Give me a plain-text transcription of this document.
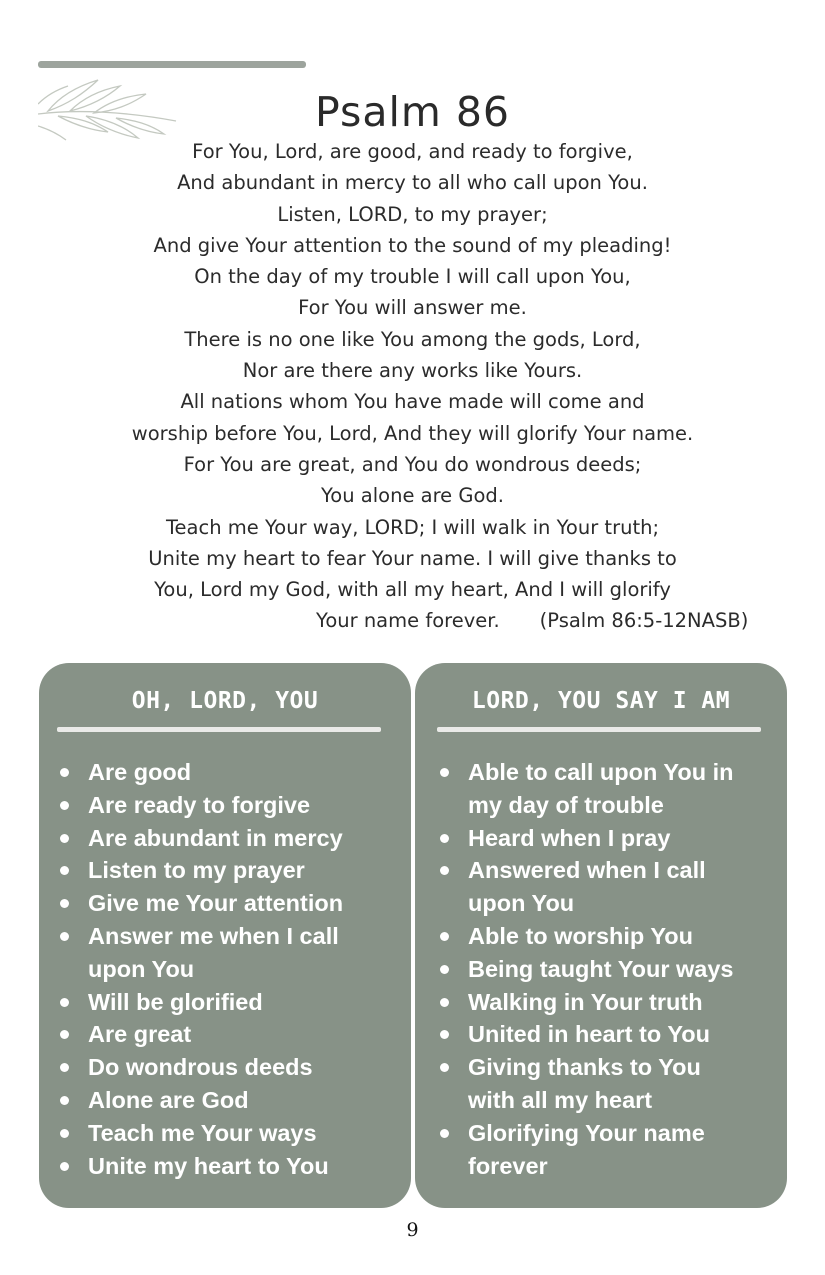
Psalm 86
For You, Lord, are good, and ready to forgive,
And abundant in mercy to all who call upon You.
Listen, LORD, to my prayer;
And give Your attention to the sound of my pleading!
On the day of my trouble I will call upon You,
For You will answer me.
There is no one like You among the gods, Lord,
Nor are there any works like Yours.
All nations whom You have made will come and
worship before You, Lord, And they will glorify Your name.
For You are great, and You do wondrous deeds;
You alone are God.
Teach me Your way, LORD; I will walk in Your truth;
Unite my heart to fear Your name. I will give thanks to
You, Lord my God, with all my heart, And I will glorify
Your name forever. (Psalm 86:5-12NASB)
OH, LORD, YOU
Are good
Are ready to forgive
Are abundant in mercy
Listen to my prayer
Give me Your attention
Answer me when I call
upon You
Will be glorified
Are great
Do wondrous deeds
Alone are God
Teach me Your ways
Unite my heart to You
LORD, YOU SAY I AM
Able to call upon You in
my day of trouble
Heard when I pray
Answered when I call
upon You
Able to worship You
Being taught Your ways
Walking in Your truth
United in heart to You
Giving thanks to You
with all my heart
Glorifying Your name
forever
9
